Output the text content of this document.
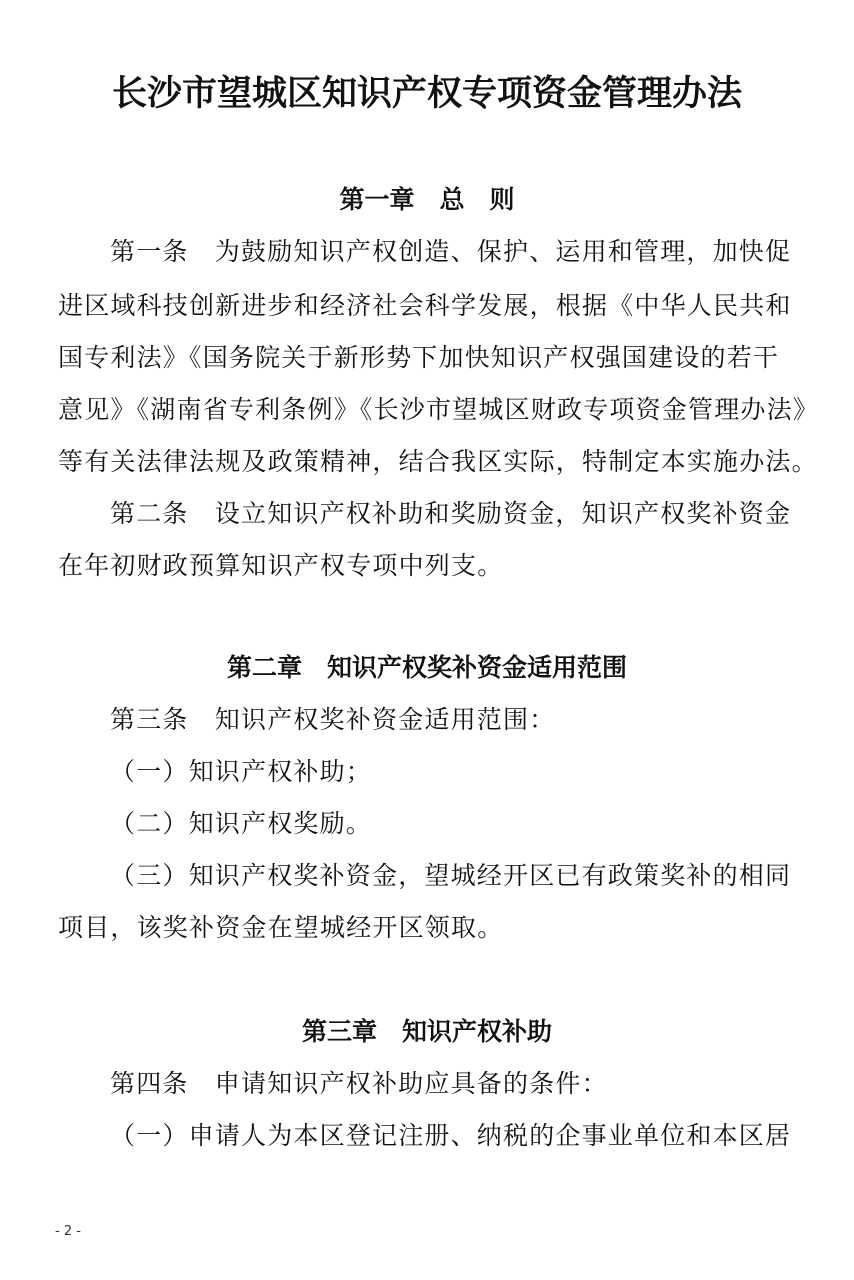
长沙市望城区知识产权专项资金管理办法
第一章　总　则
第一条　为鼓励知识产权创造、保护、运用和管理，加快促
进区域科技创新进步和经济社会科学发展，根据《中华人民共和
国专利法》《国务院关于新形势下加快知识产权强国建设的若干
意见》《湖南省专利条例》《长沙市望城区财政专项资金管理办法》
等有关法律法规及政策精神，结合我区实际，特制定本实施办法。
第二条　设立知识产权补助和奖励资金，知识产权奖补资金
在年初财政预算知识产权专项中列支。
第二章　知识产权奖补资金适用范围
第三条　知识产权奖补资金适用范围：
（一）知识产权补助；
（二）知识产权奖励。
（三）知识产权奖补资金，望城经开区已有政策奖补的相同
项目，该奖补资金在望城经开区领取。
第三章　知识产权补助
第四条　申请知识产权补助应具备的条件：
（一）申请人为本区登记注册、纳税的企事业单位和本区居
- 2 -
